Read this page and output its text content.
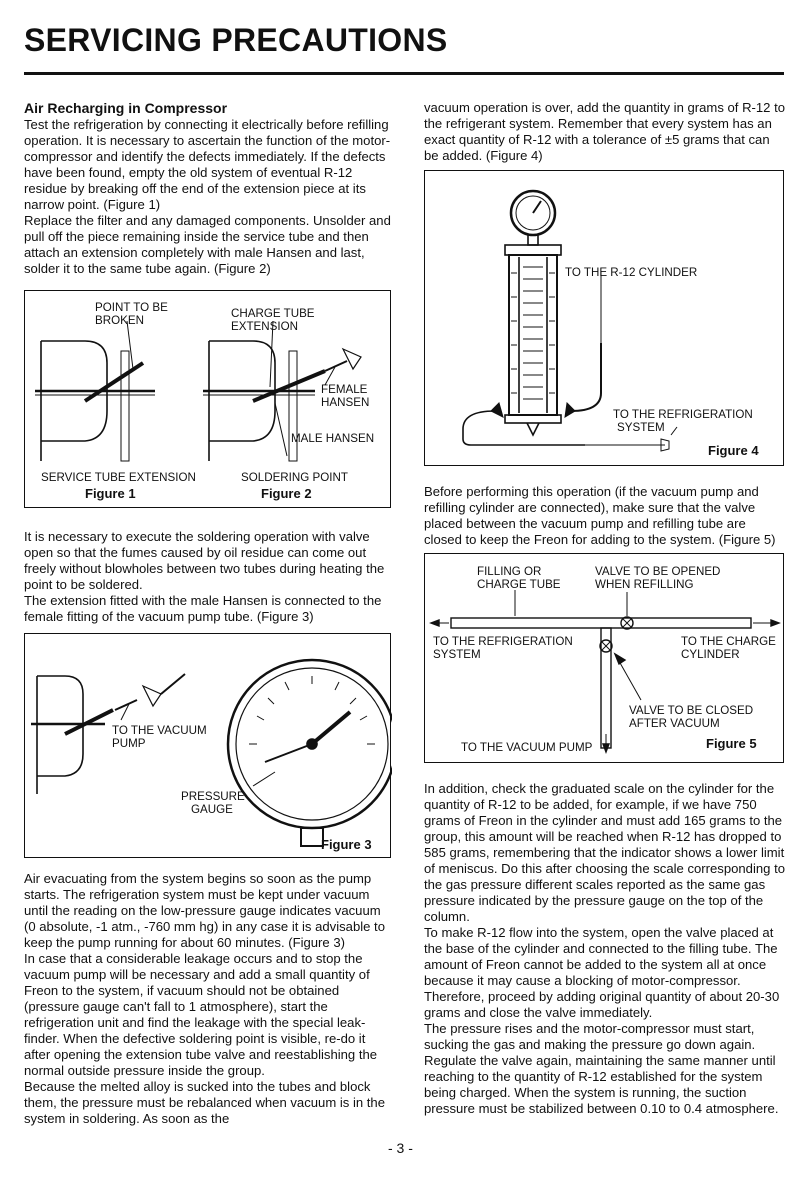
SERVICING PRECAUTIONS
Air Recharging in Compressor

Test the refrigeration by connecting it electrically before refilling operation. It is necessary to ascertain the function of the motor-compressor and identify the defects immediately. If the defects have been found, empty the old system of eventual R-12 residue by breaking off the end of the extension piece at its narrow point. (Figure 1)

Replace the filter and any damaged components. Unsolder and pull off the piece remaining inside the service tube and then attach an extension completely with male Hansen and last, solder it to the same tube again. (Figure 2)

POINT TO BE
BROKEN
CHARGE TUBE
EXTENSION
FEMALE
HANSEN
MALE HANSEN
SERVICE TUBE EXTENSION	SOLDERING POINT
Figure 1	Figure 2

It is necessary to execute the soldering operation with valve open so that the fumes caused by oil residue can come out freely without blowholes between two tubes during heating the point to be soldered.

The extension fitted with the male Hansen is connected to the female fitting of the vacuum pump tube. (Figure 3)

TO THE VACUUM
PUMP
PRESSURE
GAUGE
Figure 3

Air evacuating from the system begins so soon as the pump starts. The refrigeration system must be kept under vacuum until the reading on the low-pressure gauge indicates vacuum (0 absolute, -1 atm., -760 mm hg) in any case it is advisable to keep the pump running for about 60 minutes. (Figure 3)

In case that a considerable leakage occurs and to stop the vacuum pump will be necessary and add a small quantity of Freon to the system, if vacuum should not be obtained (pressure gauge can't fall to 1 atmosphere), start the refrigeration unit and find the leakage with the special leak-finder. When the defective soldering point is visible, re-do it after opening the extension tube valve and reestablishing the normal outside pressure inside the group.

Because the melted alloy is sucked into the tubes and block them, the pressure must be rebalanced when vacuum is in the system in soldering. As soon as the

vacuum operation is over, add the quantity in grams of R-12 to the refrigerant system. Remember that every system has an exact quantity of R-12 with a tolerance of ±5 grams that can be added. (Figure 4)

TO THE R-12 CYLINDER
TO THE REFRIGERATION
SYSTEM
Figure 4

Before performing this operation (if the vacuum pump and refilling cylinder are connected), make sure that the valve placed between the vacuum pump and refilling tube are closed to keep the Freon for adding to the system. (Figure 5)

FILLING OR
CHARGE TUBE
VALVE TO BE OPENED
WHEN REFILLING
TO THE REFRIGERATION
SYSTEM
TO THE CHARGE
CYLINDER
VALVE TO BE CLOSED
AFTER VACUUM
TO THE VACUUM PUMP	Figure 5

In addition, check the graduated scale on the cylinder for the quantity of R-12 to be added, for example, if we have 750 grams of Freon in the cylinder and must add 165 grams to the group, this amount will be reached when R-12 has dropped to 585 grams, remembering that the indicator shows a lower limit of meniscus. Do this after choosing the scale corresponding to the gas pressure different scales reported as the same gas pressure indicated by the pressure gauge on the top of the column.

To make R-12 flow into the system, open the valve placed at the base of the cylinder and connected to the filling tube. The amount of Freon cannot be added to the system all at once because it may cause a blocking of motor-compressor. Therefore, proceed by adding original quantity of about 20-30 grams and close the valve immediately.

The pressure rises and the motor-compressor must start, sucking the gas and making the pressure go down again. Regulate the valve again, maintaining the same manner until reaching to the quantity of R-12 established for the system being charged. When the system is running, the suction pressure must be stabilized between 0.10 to 0.4 atmosphere.

- 3 -
